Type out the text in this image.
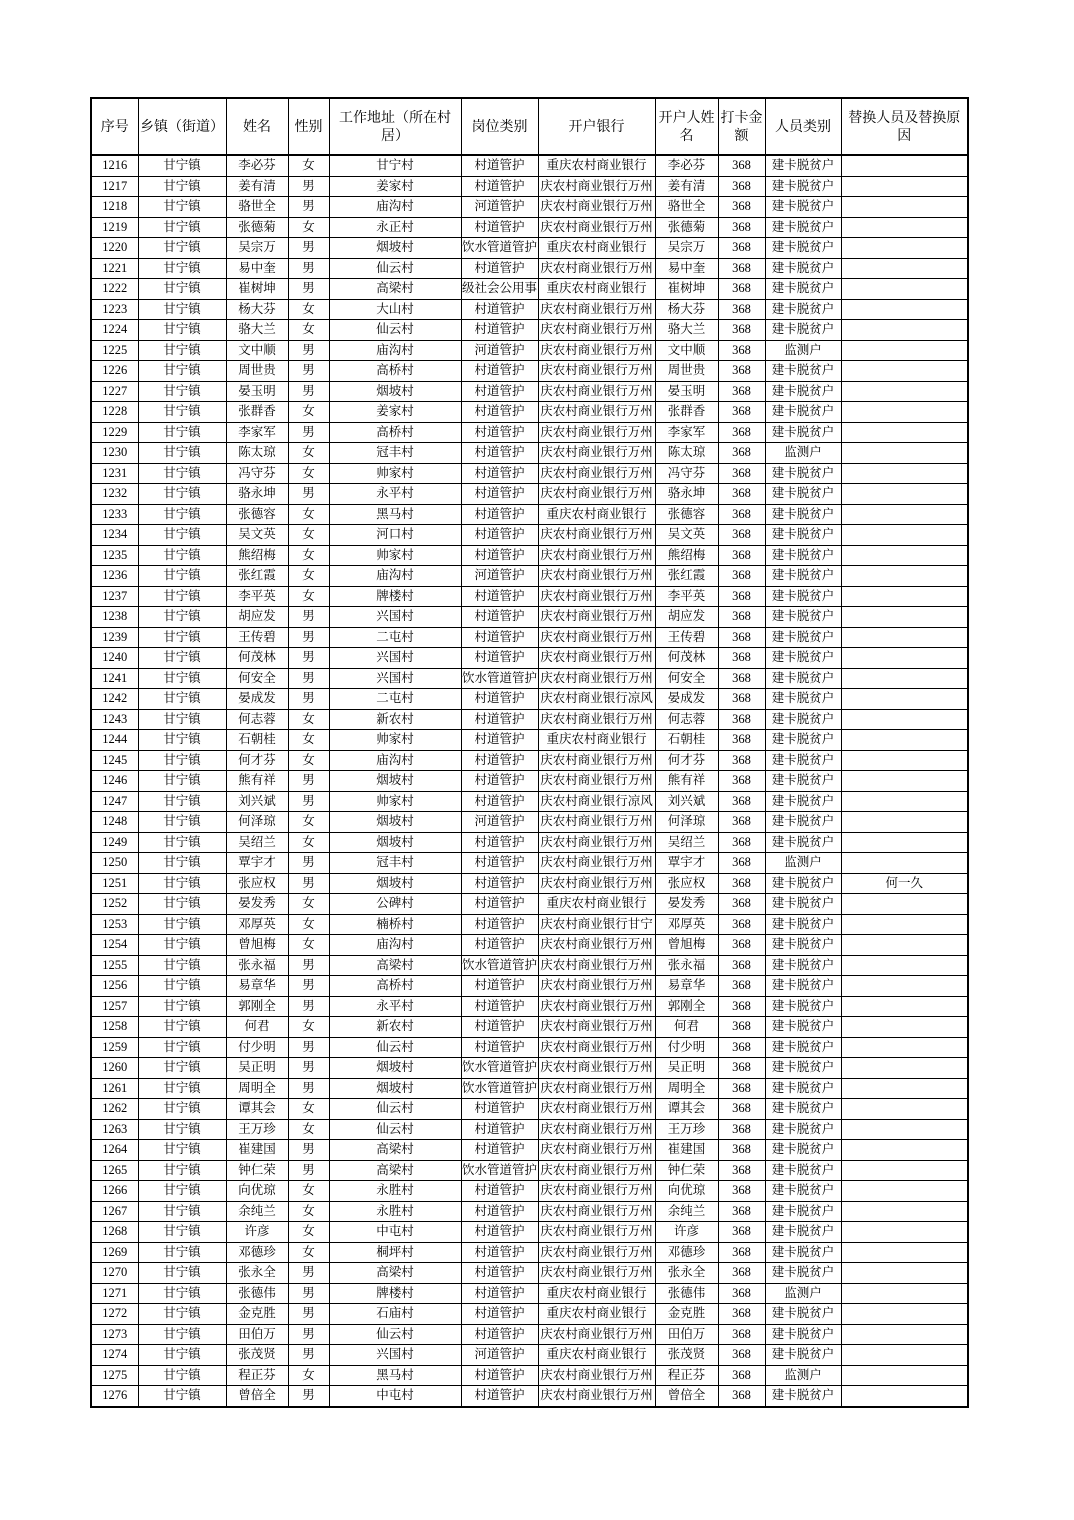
序号	乡镇（街道）	姓名	性别	工作地址（所在村居）	岗位类别	开户银行	开户人姓名	打卡金额	人员类别	替换人员及替换原因
1216	甘宁镇	李必芬	女	甘宁村	村道管护	重庆农村商业银行	李必芬	368	建卡脱贫户	
1217	甘宁镇	姜有清	男	姜家村	村道管护	庆农村商业银行万州	姜有清	368	建卡脱贫户	
1218	甘宁镇	骆世全	男	庙沟村	河道管护	庆农村商业银行万州	骆世全	368	建卡脱贫户	
1219	甘宁镇	张德菊	女	永正村	村道管护	庆农村商业银行万州	张德菊	368	建卡脱贫户	
1220	甘宁镇	吴宗万	男	烟坡村	饮水管道管护	重庆农村商业银行	吴宗万	368	建卡脱贫户	
1221	甘宁镇	易中奎	男	仙云村	村道管护	庆农村商业银行万州	易中奎	368	建卡脱贫户	
1222	甘宁镇	崔树坤	男	高梁村	级社会公用事	重庆农村商业银行	崔树坤	368	建卡脱贫户	
1223	甘宁镇	杨大芬	女	大山村	村道管护	庆农村商业银行万州	杨大芬	368	建卡脱贫户	
1224	甘宁镇	骆大兰	女	仙云村	村道管护	庆农村商业银行万州	骆大兰	368	建卡脱贫户	
1225	甘宁镇	文中顺	男	庙沟村	河道管护	庆农村商业银行万州	文中顺	368	监测户	
1226	甘宁镇	周世贵	男	高桥村	村道管护	庆农村商业银行万州	周世贵	368	建卡脱贫户	
1227	甘宁镇	晏玉明	男	烟坡村	村道管护	庆农村商业银行万州	晏玉明	368	建卡脱贫户	
1228	甘宁镇	张群香	女	姜家村	村道管护	庆农村商业银行万州	张群香	368	建卡脱贫户	
1229	甘宁镇	李家军	男	高桥村	村道管护	庆农村商业银行万州	李家军	368	建卡脱贫户	
1230	甘宁镇	陈太琼	女	冠丰村	村道管护	庆农村商业银行万州	陈太琼	368	监测户	
1231	甘宁镇	冯守芬	女	帅家村	村道管护	庆农村商业银行万州	冯守芬	368	建卡脱贫户	
1232	甘宁镇	骆永坤	男	永平村	村道管护	庆农村商业银行万州	骆永坤	368	建卡脱贫户	
1233	甘宁镇	张德容	女	黑马村	村道管护	重庆农村商业银行	张德容	368	建卡脱贫户	
1234	甘宁镇	吴文英	女	河口村	村道管护	庆农村商业银行万州	吴文英	368	建卡脱贫户	
1235	甘宁镇	熊绍梅	女	帅家村	村道管护	庆农村商业银行万州	熊绍梅	368	建卡脱贫户	
1236	甘宁镇	张红霞	女	庙沟村	河道管护	庆农村商业银行万州	张红霞	368	建卡脱贫户	
1237	甘宁镇	李平英	女	牌楼村	村道管护	庆农村商业银行万州	李平英	368	建卡脱贫户	
1238	甘宁镇	胡应发	男	兴国村	村道管护	庆农村商业银行万州	胡应发	368	建卡脱贫户	
1239	甘宁镇	王传碧	男	二屯村	村道管护	庆农村商业银行万州	王传碧	368	建卡脱贫户	
1240	甘宁镇	何茂林	男	兴国村	村道管护	庆农村商业银行万州	何茂林	368	建卡脱贫户	
1241	甘宁镇	何安全	男	兴国村	饮水管道管护	庆农村商业银行万州	何安全	368	建卡脱贫户	
1242	甘宁镇	晏成发	男	二屯村	村道管护	庆农村商业银行凉风	晏成发	368	建卡脱贫户	
1243	甘宁镇	何志蓉	女	新农村	村道管护	庆农村商业银行万州	何志蓉	368	建卡脱贫户	
1244	甘宁镇	石朝桂	女	帅家村	村道管护	重庆农村商业银行	石朝桂	368	建卡脱贫户	
1245	甘宁镇	何才芬	女	庙沟村	村道管护	庆农村商业银行万州	何才芬	368	建卡脱贫户	
1246	甘宁镇	熊有祥	男	烟坡村	村道管护	庆农村商业银行万州	熊有祥	368	建卡脱贫户	
1247	甘宁镇	刘兴斌	男	帅家村	村道管护	庆农村商业银行凉风	刘兴斌	368	建卡脱贫户	
1248	甘宁镇	何泽琼	女	烟坡村	河道管护	庆农村商业银行万州	何泽琼	368	建卡脱贫户	
1249	甘宁镇	吴绍兰	女	烟坡村	村道管护	庆农村商业银行万州	吴绍兰	368	建卡脱贫户	
1250	甘宁镇	覃宇才	男	冠丰村	村道管护	庆农村商业银行万州	覃宇才	368	监测户	
1251	甘宁镇	张应权	男	烟坡村	村道管护	庆农村商业银行万州	张应权	368	建卡脱贫户	何一久
1252	甘宁镇	晏发秀	女	公碑村	村道管护	重庆农村商业银行	晏发秀	368	建卡脱贫户	
1253	甘宁镇	邓厚英	女	楠桥村	村道管护	庆农村商业银行甘宁	邓厚英	368	建卡脱贫户	
1254	甘宁镇	曾旭梅	女	庙沟村	村道管护	庆农村商业银行万州	曾旭梅	368	建卡脱贫户	
1255	甘宁镇	张永福	男	高梁村	饮水管道管护	庆农村商业银行万州	张永福	368	建卡脱贫户	
1256	甘宁镇	易章华	男	高桥村	村道管护	庆农村商业银行万州	易章华	368	建卡脱贫户	
1257	甘宁镇	郭刚全	男	永平村	村道管护	庆农村商业银行万州	郭刚全	368	建卡脱贫户	
1258	甘宁镇	何君	女	新农村	村道管护	庆农村商业银行万州	何君	368	建卡脱贫户	
1259	甘宁镇	付少明	男	仙云村	村道管护	庆农村商业银行万州	付少明	368	建卡脱贫户	
1260	甘宁镇	吴正明	男	烟坡村	饮水管道管护	庆农村商业银行万州	吴正明	368	建卡脱贫户	
1261	甘宁镇	周明全	男	烟坡村	饮水管道管护	庆农村商业银行万州	周明全	368	建卡脱贫户	
1262	甘宁镇	谭其会	女	仙云村	村道管护	庆农村商业银行万州	谭其会	368	建卡脱贫户	
1263	甘宁镇	王万珍	女	仙云村	村道管护	庆农村商业银行万州	王万珍	368	建卡脱贫户	
1264	甘宁镇	崔建国	男	高梁村	村道管护	庆农村商业银行万州	崔建国	368	建卡脱贫户	
1265	甘宁镇	钟仁荣	男	高梁村	饮水管道管护	庆农村商业银行万州	钟仁荣	368	建卡脱贫户	
1266	甘宁镇	向优琼	女	永胜村	村道管护	庆农村商业银行万州	向优琼	368	建卡脱贫户	
1267	甘宁镇	余纯兰	女	永胜村	村道管护	庆农村商业银行万州	余纯兰	368	建卡脱贫户	
1268	甘宁镇	许彦	女	中屯村	村道管护	庆农村商业银行万州	许彦	368	建卡脱贫户	
1269	甘宁镇	邓德珍	女	桐坪村	村道管护	庆农村商业银行万州	邓德珍	368	建卡脱贫户	
1270	甘宁镇	张永全	男	高梁村	村道管护	庆农村商业银行万州	张永全	368	建卡脱贫户	
1271	甘宁镇	张德伟	男	牌楼村	村道管护	重庆农村商业银行	张德伟	368	监测户	
1272	甘宁镇	金克胜	男	石庙村	村道管护	重庆农村商业银行	金克胜	368	建卡脱贫户	
1273	甘宁镇	田伯万	男	仙云村	村道管护	庆农村商业银行万州	田伯万	368	建卡脱贫户	
1274	甘宁镇	张茂贤	男	兴国村	河道管护	重庆农村商业银行	张茂贤	368	建卡脱贫户	
1275	甘宁镇	程正芬	女	黑马村	村道管护	庆农村商业银行万州	程正芬	368	监测户	
1276	甘宁镇	曾倍全	男	中屯村	村道管护	庆农村商业银行万州	曾倍全	368	建卡脱贫户	
